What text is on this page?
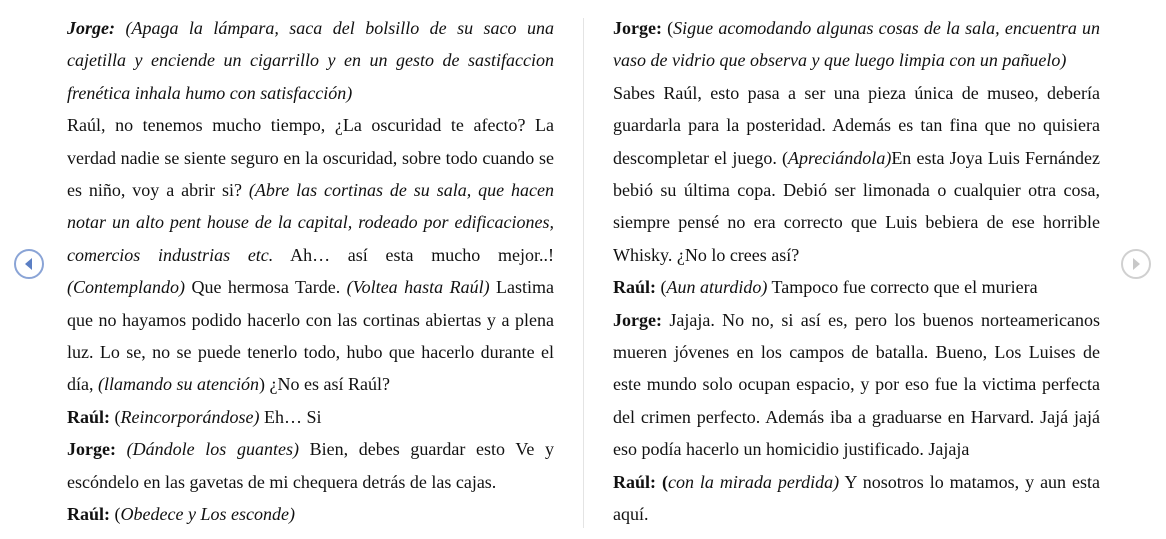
Jorge: (Apaga la lámpara, saca del bolsillo de su saco una cajetilla y enciende un cigarrillo y en un gesto de sastifaccion frenética inhala humo con satisfacción)

Raúl, no tenemos mucho tiempo, ¿La oscuridad te afecto? La verdad nadie se siente seguro en la oscuridad, sobre todo cuando se es niño, voy a abrir si? (Abre las cortinas de su sala, que hacen notar un alto pent house de la capital, rodeado por edificaciones, comercios industrias etc. Ah… así esta mucho mejor..! (Contemplando) Que hermosa Tarde. (Voltea hasta Raúl) Lastima que no hayamos podido hacerlo con las cortinas abiertas y a plena luz. Lo se, no se puede tenerlo todo, hubo que hacerlo durante el día, (llamando su atención) ¿No es así Raúl?

Raúl: (Reincorporándose) Eh… Si

Jorge: (Dándole los guantes) Bien, debes guardar esto Ve y escóndelo en las gavetas de mi chequera detrás de las cajas.

Raúl: (Obedece y Los esconde)

Jorge: (Sigue acomodando algunas cosas de la sala, encuentra un vaso de vidrio que observa y que luego limpia con un pañuelo)

Sabes Raúl, esto pasa a ser una pieza única de museo, debería guardarla para la posteridad. Además es tan fina que no quisiera descompletar el juego. (Apreciándola)En esta Joya Luis Fernández bebió su última copa. Debió ser limonada o cualquier otra cosa, siempre pensé no era correcto que Luis bebiera de ese horrible Whisky. ¿No lo crees así?

Raúl: (Aun aturdido) Tampoco fue correcto que el muriera

Jorge: Jajaja. No no, si así es, pero los buenos norteamericanos mueren jóvenes en los campos de batalla. Bueno, Los Luises de este mundo solo ocupan espacio, y por eso fue la victima perfecta del crimen perfecto. Además iba a graduarse en Harvard. Jajá jajá eso podía hacerlo un homicidio justificado. Jajaja

Raúl: (con la mirada perdida) Y nosotros lo matamos, y aun esta aquí.
